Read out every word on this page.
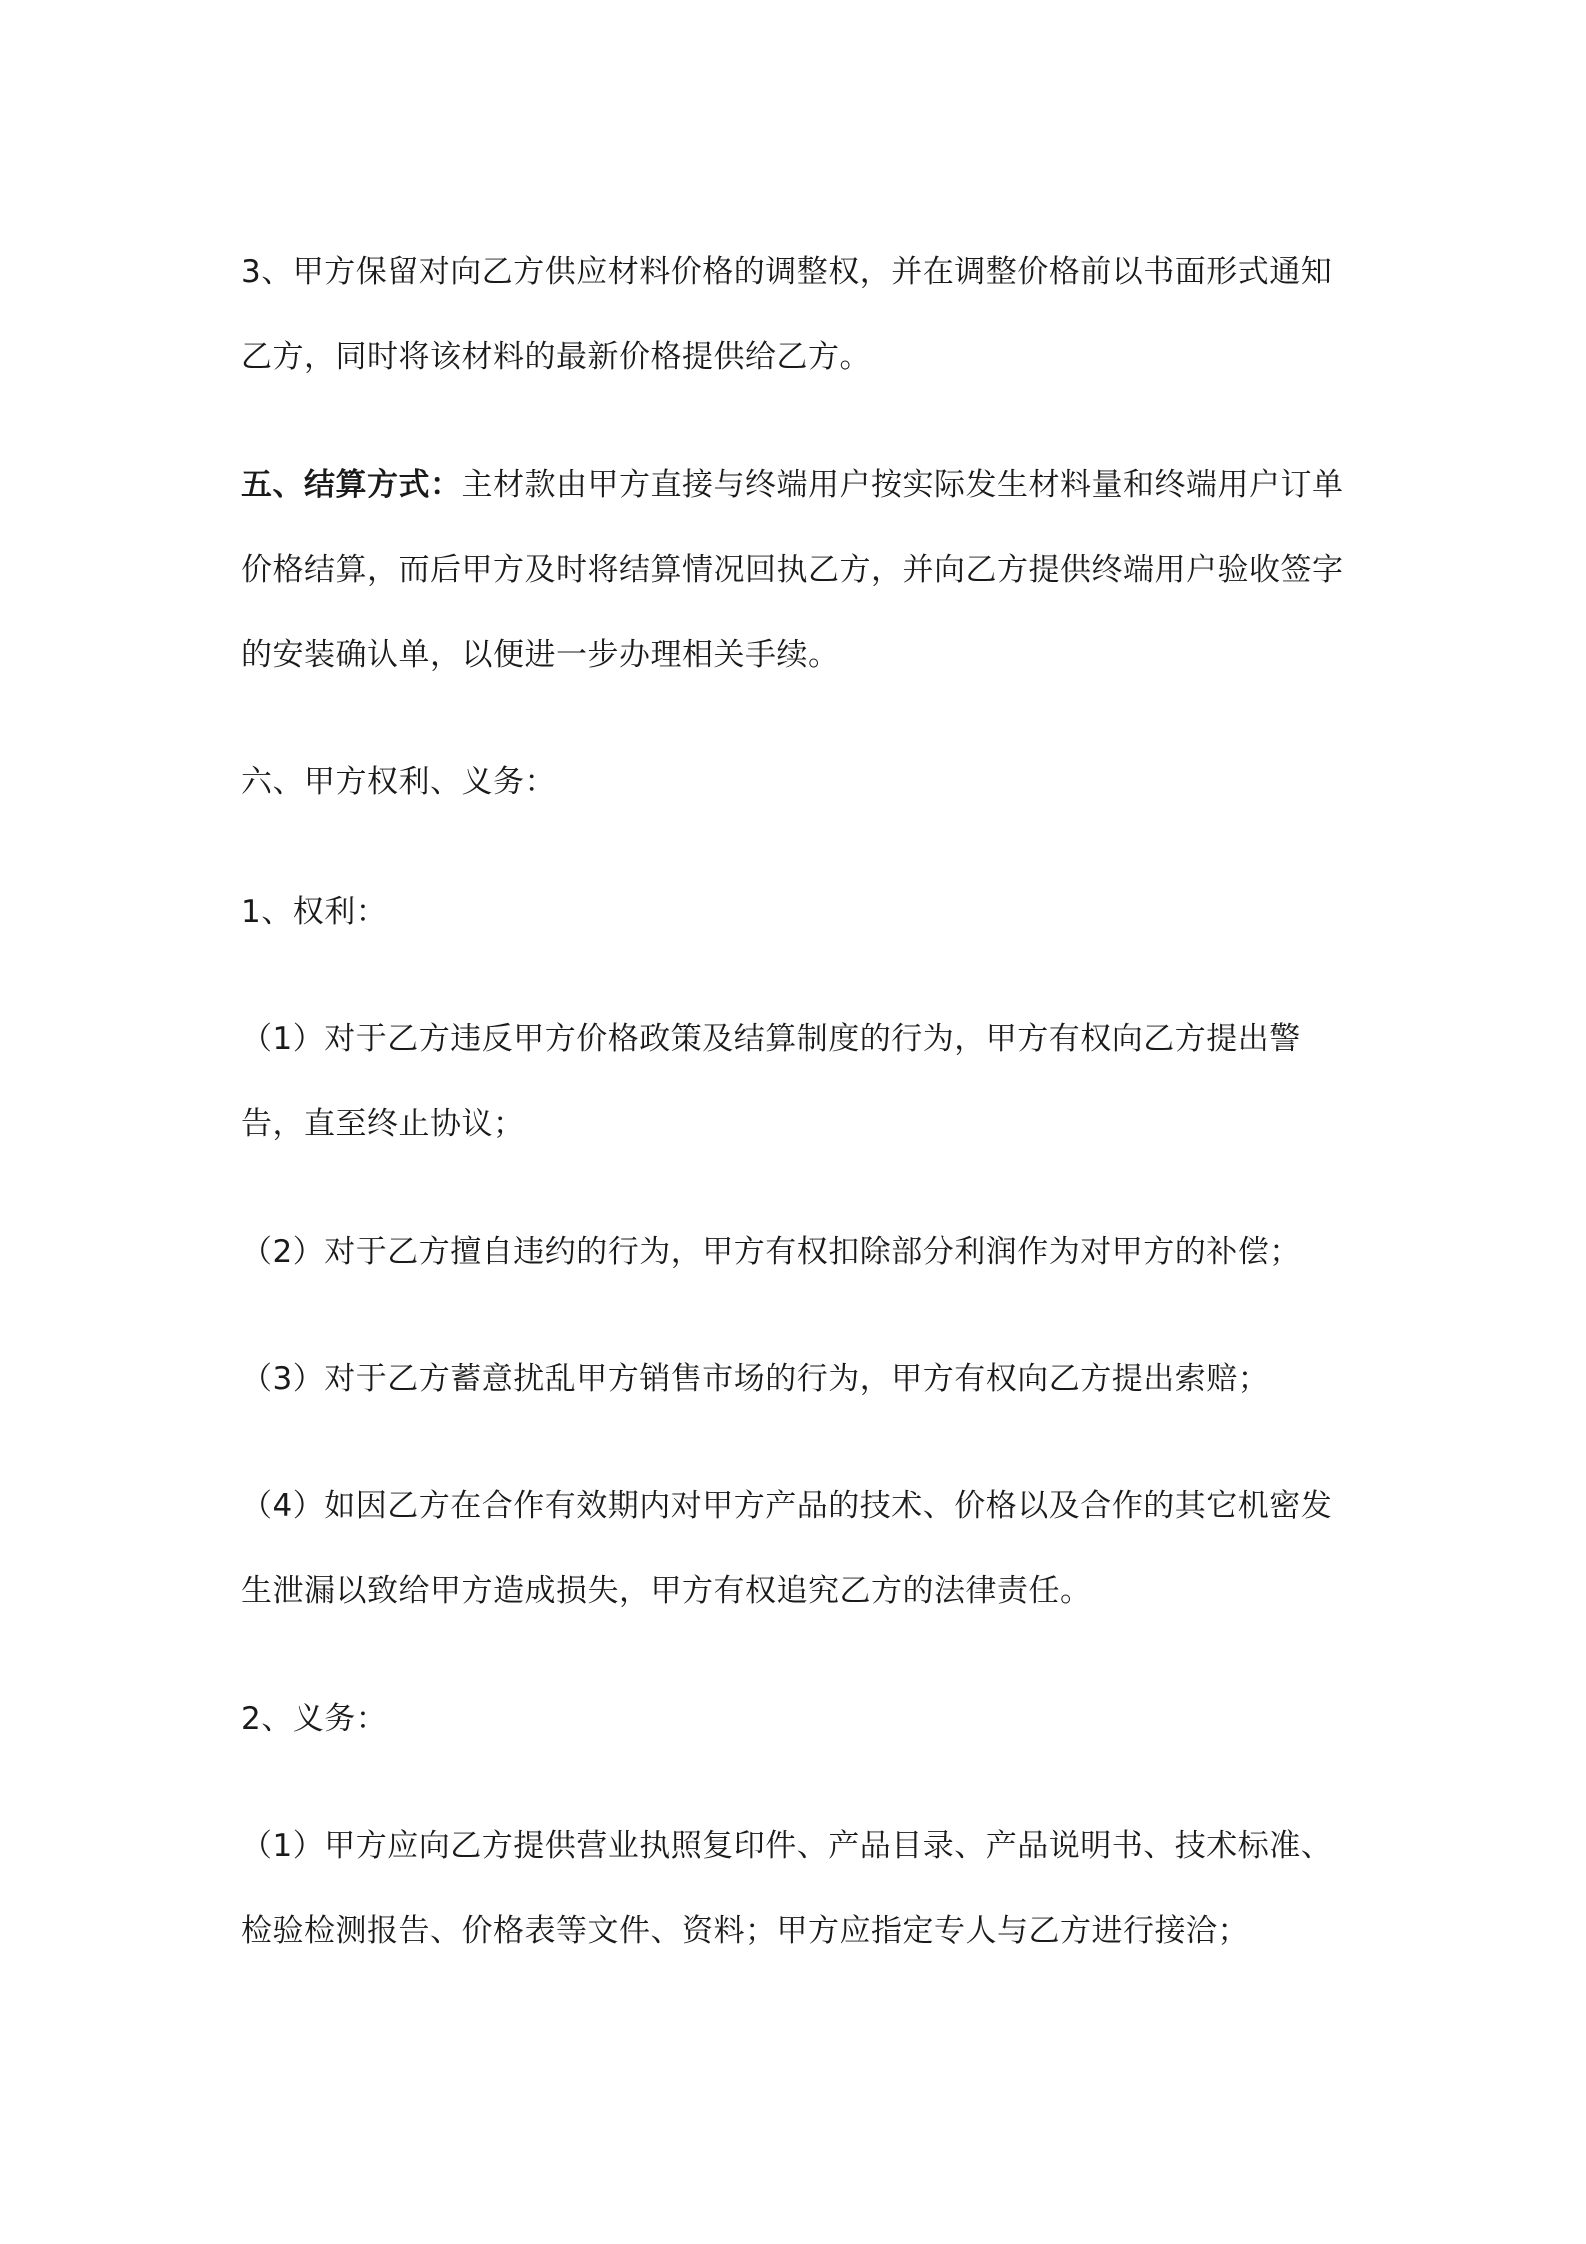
3、甲方保留对向乙方供应材料价格的调整权，并在调整价格前以书面形式通知乙方，同时将该材料的最新价格提供给乙方。

五、结算方式：主材款由甲方直接与终端用户按实际发生材料量和终端用户订单价格结算，而后甲方及时将结算情况回执乙方，并向乙方提供终端用户验收签字的安装确认单，以便进一步办理相关手续。

六、甲方权利、义务：

1、权利：

（1）对于乙方违反甲方价格政策及结算制度的行为，甲方有权向乙方提出警告，直至终止协议；

（2）对于乙方擅自违约的行为，甲方有权扣除部分利润作为对甲方的补偿；

（3）对于乙方蓄意扰乱甲方销售市场的行为，甲方有权向乙方提出索赔；

（4）如因乙方在合作有效期内对甲方产品的技术、价格以及合作的其它机密发生泄漏以致给甲方造成损失，甲方有权追究乙方的法律责任。

2、义务：

（1）甲方应向乙方提供营业执照复印件、产品目录、产品说明书、技术标准、检验检测报告、价格表等文件、资料；甲方应指定专人与乙方进行接洽；
